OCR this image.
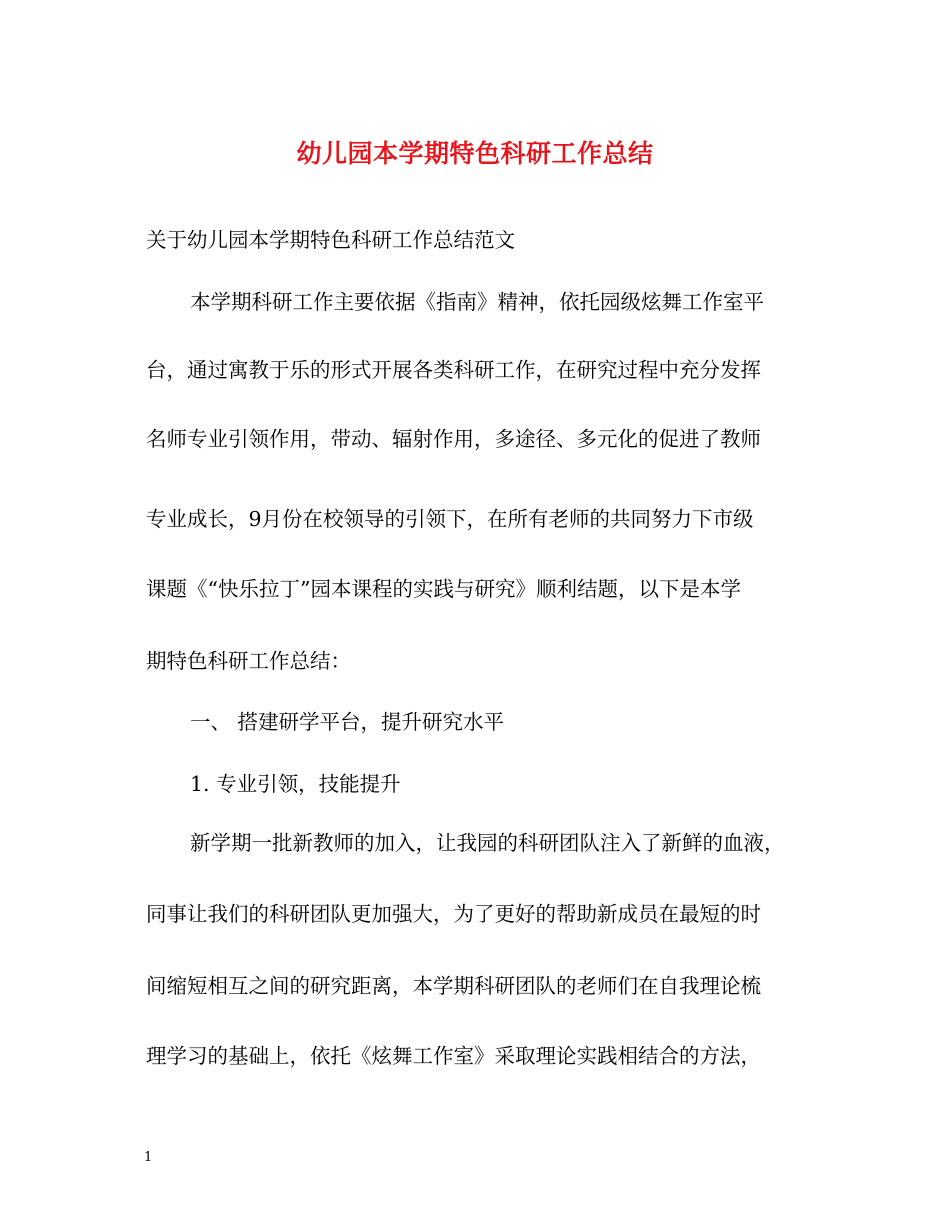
幼儿园本学期特色科研工作总结
关于幼儿园本学期特色科研工作总结范文
本学期科研工作主要依据《指南》精神，依托园级炫舞工作室平
台，通过寓教于乐的形式开展各类科研工作，在研究过程中充分发挥
名师专业引领作用，带动、辐射作用，多途径、多元化的促进了教师
专业成长，9月份在校领导的引领下，在所有老师的共同努力下市级
课题《“快乐拉丁”园本课程的实践与研究》顺利结题，以下是本学
期特色科研工作总结：
一、 搭建研学平台，提升研究水平
1. 专业引领，技能提升
新学期一批新教师的加入，让我园的科研团队注入了新鲜的血液，
同事让我们的科研团队更加强大，为了更好的帮助新成员在最短的时
间缩短相互之间的研究距离，本学期科研团队的老师们在自我理论梳
理学习的基础上，依托《炫舞工作室》采取理论实践相结合的方法，
1
